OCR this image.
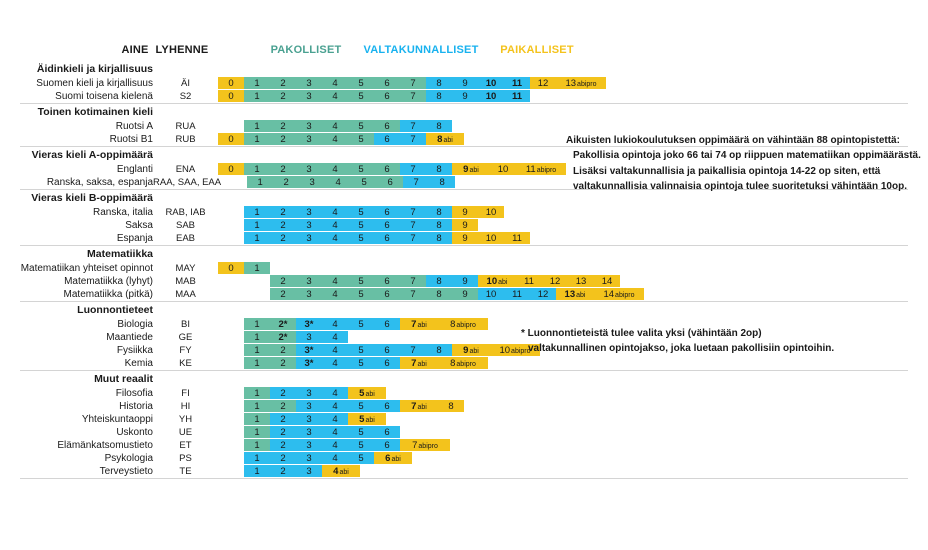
AINE LYHENNE	PAKOLLISET	VALTAKUNNALLISET	PAIKALLISET
Äidinkieli ja kirjallisuus
Suomen kieli ja kirjallisuus	ÄI	0	1	2	3	4	5	6	7	8	9	10	11	12	13 abipro
Suomi toisena kielenä	S2	0	1	2	3	4	5	6	7	8	9	10	11
Toinen kotimainen kieli
Ruotsi A	RUA	1	2	3	4	5	6	7	8
Ruotsi B1	RUB	0	1	2	3	4	5	6	7	8 abi
Vieras kieli A-oppimäärä
Englanti	ENA	0	1	2	3	4	5	6	7	8	9 abi	10	11 abipro
Ranska, saksa, espanja RAA, SAA, EAA	1	2	3	4	5	6	7	8
Vieras kieli B-oppimäärä
Ranska, italia	RAB, IAB	1	2	3	4	5	6	7	8	9	10
Saksa	SAB	1	2	3	4	5	6	7	8	9
Espanja	EAB	1	2	3	4	5	6	7	8	9	10	11
Matematiikka
Matematiikan yhteiset opinnot	MAY	0	1
Matematiikka (lyhyt)	MAB	2	3	4	5	6	7	8	9	10 abi	11	12	13	14
Matematiikka (pitkä)	MAA	2	3	4	5	6	7	8	9	10	11	12	13 abi	14 abipro
Luonnontieteet
Biologia	BI	1	2*	3*	4	5	6	7 abi	8 abipro
Maantiede	GE	1	2*	3	4
Fysiikka	FY	1	2	3*	4	5	6	7	8	9 abi	10 abipro
Kemia	KE	1	2	3*	4	5	6	7 abi	8 abipro
Muut reaalit
Filosofia	FI	1	2	3	4	5 abi
Historia	HI	1	2	3	4	5	6	7 abi	8
Yhteiskuntaoppi	YH	1	2	3	4	5 abi
Uskonto	UE	1	2	3	4	5	6
Elämänkatsomustieto	ET	1	2	3	4	5	6	7 abipro
Psykologia	PS	1	2	3	4	5	6 abi
Terveystieto	TE	1	2	3	4 abi
Aikuisten lukiokoulutuksen oppimäärä on vähintään 88 opintopistettä:
Pakollisia opintoja joko 66 tai 74 op riippuen matematiikan oppimäärästä.
Lisäksi valtakunnallisia ja paikallisia opintoja 14-22 op siten, että
valtakunnallisia valinnaisia opintoja tulee suoritetuksi vähintään 10op.
* Luonnontieteistä tulee valita yksi (vähintään 2op)
valtakunnallinen opintojakso, joka luetaan pakollisiin opintoihin.
